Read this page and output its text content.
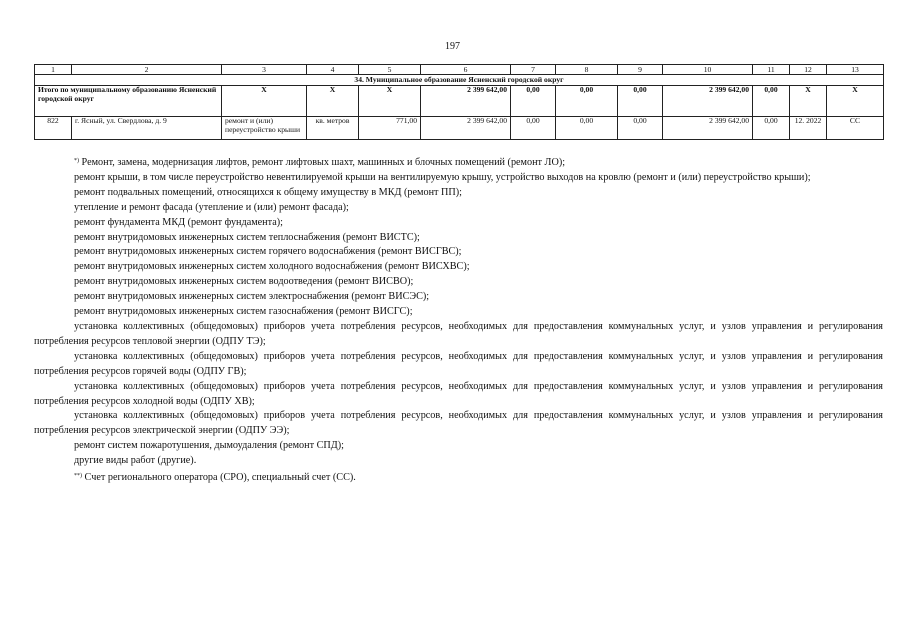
197
1	2	3	4	5	6	7	8	9	10	11	12	13
34. Муниципальное образование Ясненский городской округ												
Итого по муниципальному образованию Ясненский городской округ		X	X	X	2 399 642,00	0,00	0,00	0,00	2 399 642,00	0,00	X	X
822	г. Ясный, ул. Свердлова, д. 9	ремонт и (или) переустройство крыши	кв. метров	771,00	2 399 642,00	0,00	0,00	0,00	2 399 642,00	0,00	12. 2022	СС

*) Ремонт, замена, модернизация лифтов, ремонт лифтовых шахт, машинных и блочных помещений (ремонт ЛО);

ремонт крыши, в том числе переустройство невентилируемой крыши на вентилируемую крышу, устройство выходов на кровлю (ремонт и (или) переустройство крыши);

ремонт подвальных помещений, относящихся к общему имуществу в МКД (ремонт ПП);

утепление и ремонт фасада (утепление и (или) ремонт фасада);

ремонт фундамента МКД (ремонт фундамента);

ремонт внутридомовых инженерных систем теплоснабжения (ремонт ВИСТС);

ремонт внутридомовых инженерных систем горячего водоснабжения (ремонт ВИСГВС);

ремонт внутридомовых инженерных систем холодного водоснабжения (ремонт ВИСХВС);

ремонт внутридомовых инженерных систем водоотведения (ремонт ВИСВО);

ремонт внутридомовых инженерных систем электроснабжения (ремонт ВИСЭС);

ремонт внутридомовых инженерных систем газоснабжения (ремонт ВИСГС);

установка коллективных (общедомовых) приборов учета потребления ресурсов, необходимых для предоставления коммунальных услуг, и узлов управления и регулирования потребления ресурсов тепловой энергии (ОДПУ ТЭ);

установка коллективных (общедомовых) приборов учета потребления ресурсов, необходимых для предоставления коммунальных услуг, и узлов управления и регулирования потребления ресурсов горячей воды (ОДПУ ГВ);

установка коллективных (общедомовых) приборов учета потребления ресурсов, необходимых для предоставления коммунальных услуг, и узлов управления и регулирования потребления ресурсов холодной воды (ОДПУ ХВ);

установка коллективных (общедомовых) приборов учета потребления ресурсов, необходимых для предоставления коммунальных услуг, и узлов управления и регулирования потребления ресурсов электрической энергии (ОДПУ ЭЭ);

ремонт систем пожаротушения, дымоудаления (ремонт СПД);

другие виды работ (другие).

**) Счет регионального оператора (СРО), специальный счет (СС).
